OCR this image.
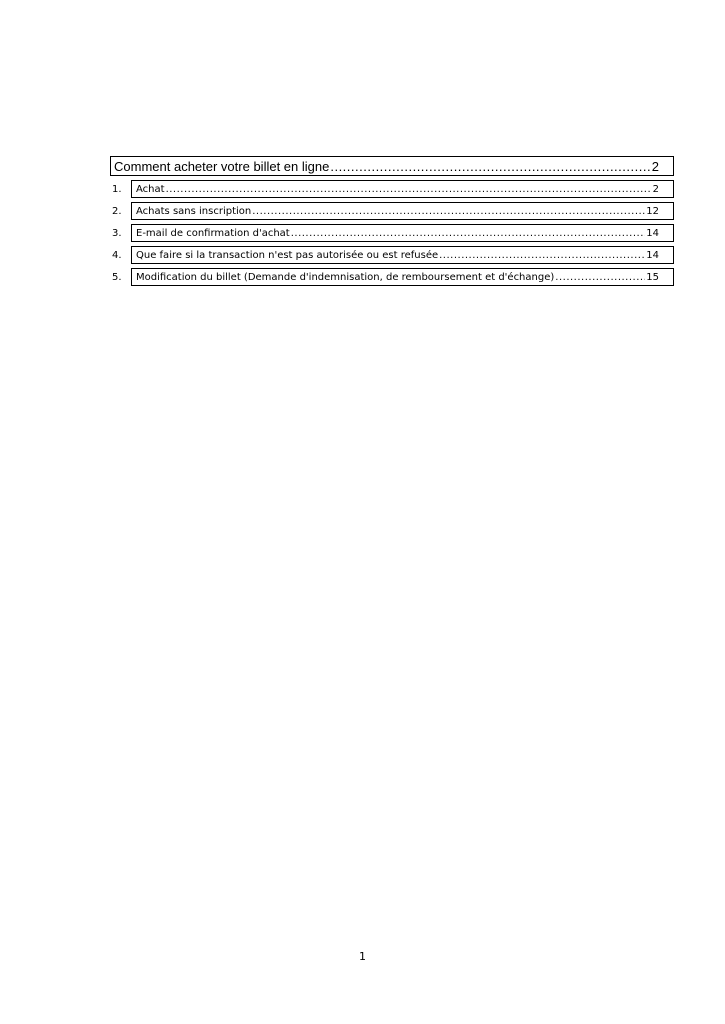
Comment acheter votre billet en ligne .....	2
1.	Achat .....	2
2.	Achats sans inscription .....	12
3.	E-mail de confirmation d'achat .....	14
4.	Que faire si la transaction n'est pas autorisée ou est refusée .....	14
5.	Modification du billet (Demande d'indemnisation, de remboursement et d'échange) .....	15
1
